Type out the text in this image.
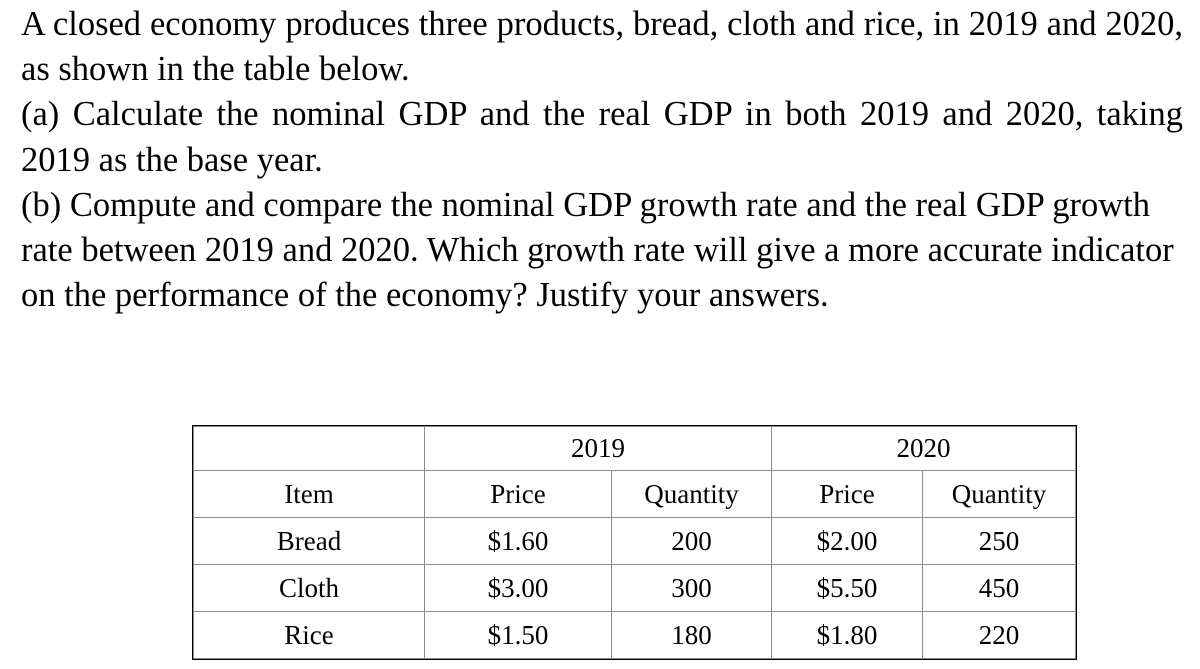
A closed economy produces three products, bread, cloth and rice, in 2019 and 2020, as shown in the table below.

(a) Calculate the nominal GDP and the real GDP in both 2019 and 2020, taking 2019 as the base year.

(b) Compute and compare the nominal GDP growth rate and the real GDP growth rate between 2019 and 2020. Which growth rate will give a more accurate indicator on the performance of the economy? Justify your answers.

	2019		2020	
Item	Price	Quantity	Price	Quantity
Bread	$1.60	200	$2.00	250
Cloth	$3.00	300	$5.50	450
Rice	$1.50	180	$1.80	220
